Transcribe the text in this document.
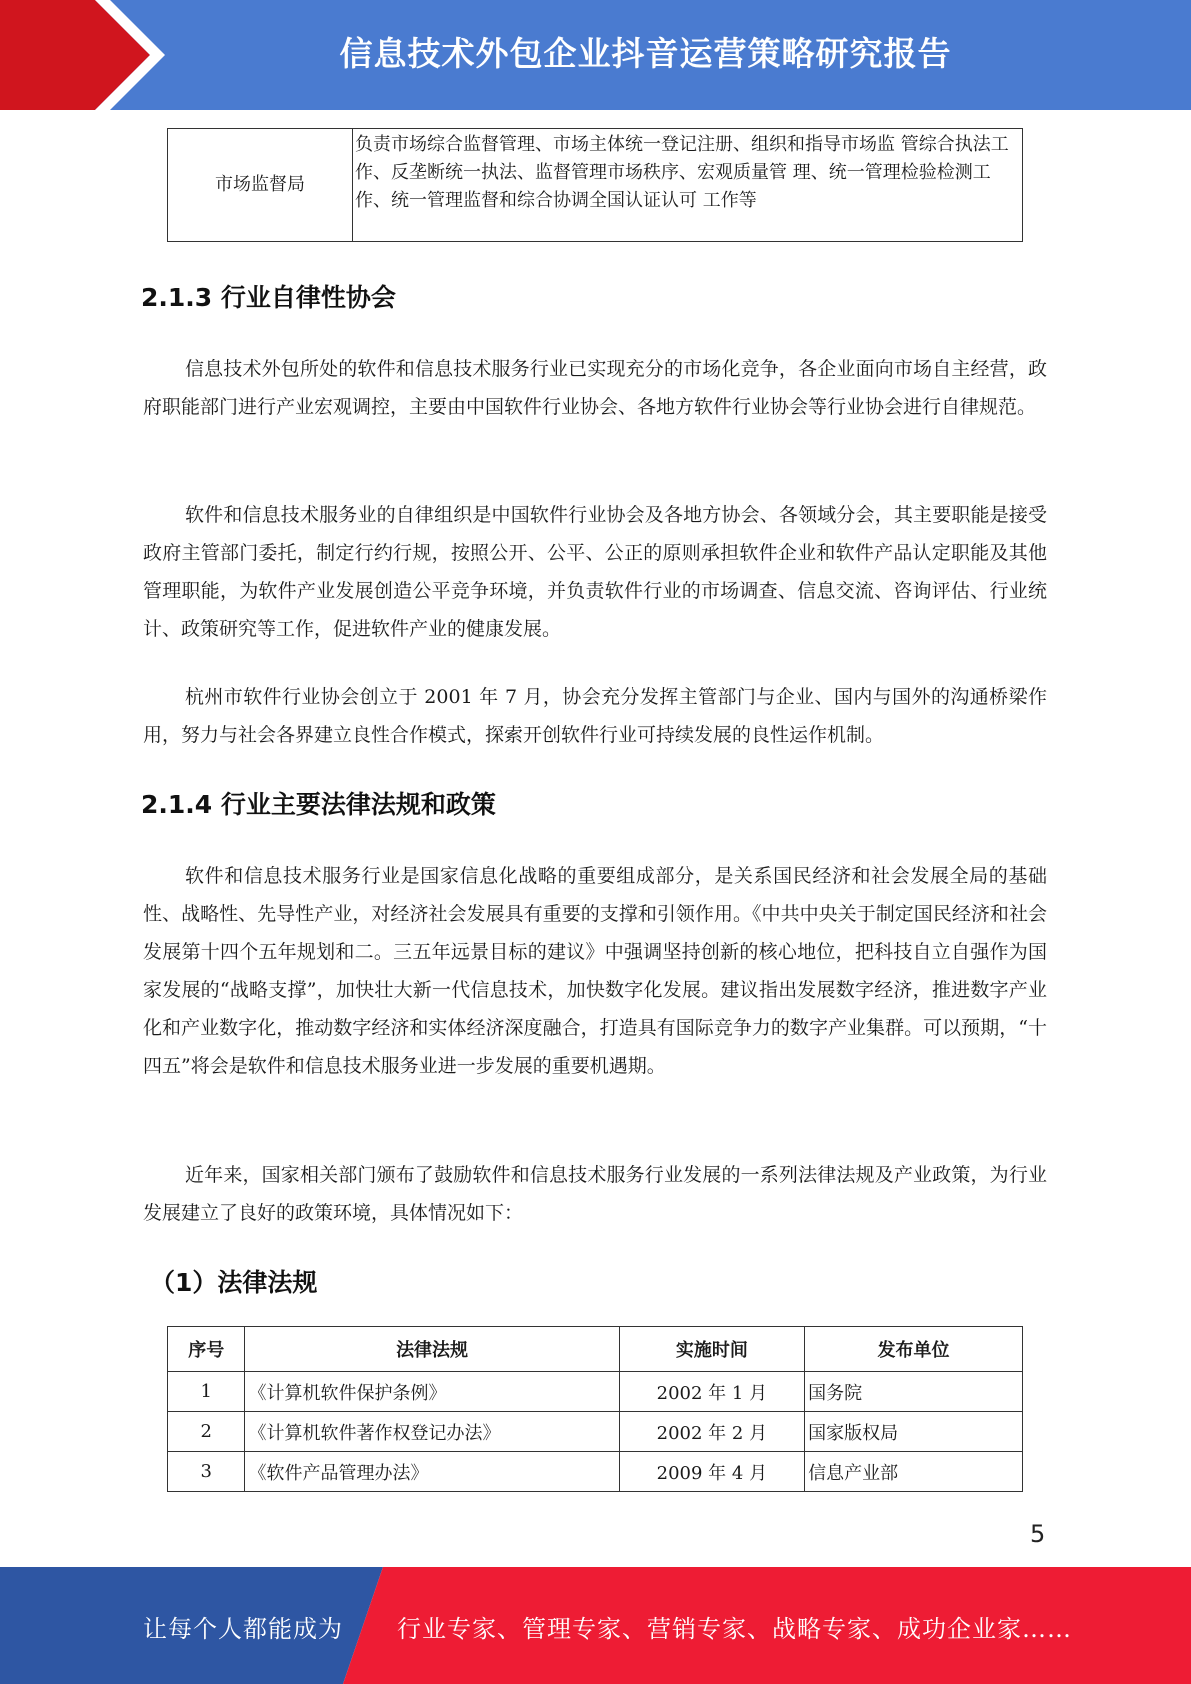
信息技术外包企业抖音运营策略研究报告
市场监督局	负责市场综合监督管理、市场主体统一登记注册、组织和指导市场监 管综合执法工作、反垄断统一执法、监督管理市场秩序、宏观质量管 理、统一管理检验检测工作、统一管理监督和综合协调全国认证认可 工作等
2.1.3 行业自律性协会

信息技术外包所处的软件和信息技术服务行业已实现充分的市场化竞争，各企业面向市场自主经营，政府职能部门进行产业宏观调控，主要由中国软件行业协会、各地方软件行业协会等行业协会进行自律规范。

软件和信息技术服务业的自律组织是中国软件行业协会及各地方协会、各领域分会，其主要职能是接受政府主管部门委托，制定行约行规，按照公开、公平、公正的原则承担软件企业和软件产品认定职能及其他管理职能，为软件产业发展创造公平竞争环境，并负责软件行业的市场调查、信息交流、咨询评估、行业统计、政策研究等工作，促进软件产业的健康发展。

杭州市软件行业协会创立于 2001 年 7 月，协会充分发挥主管部门与企业、国内与国外的沟通桥梁作用，努力与社会各界建立良性合作模式，探索开创软件行业可持续发展的良性运作机制。

2.1.4 行业主要法律法规和政策

软件和信息技术服务行业是国家信息化战略的重要组成部分，是关系国民经济和社会发展全局的基础性、战略性、先导性产业，对经济社会发展具有重要的支撑和引领作用。《中共中央关于制定国民经济和社会发展第十四个五年规划和二。三五年远景目标的建议》中强调坚持创新的核心地位，把科技自立自强作为国家发展的“战略支撑”，加快壮大新一代信息技术，加快数字化发展。建议指出发展数字经济，推进数字产业化和产业数字化，推动数字经济和实体经济深度融合，打造具有国际竞争力的数字产业集群。可以预期，“十四五”将会是软件和信息技术服务业进一步发展的重要机遇期。

近年来，国家相关部门颁布了鼓励软件和信息技术服务行业发展的一系列法律法规及产业政策，为行业发展建立了良好的政策环境，具体情况如下：

（1）法律法规
序号	法律法规	实施时间	发布单位
1	《计算机软件保护条例》	2002 年 1 月	国务院
2	《计算机软件著作权登记办法》	2002 年 2 月	国家版权局
3	《软件产品管理办法》	2009 年 4 月	信息产业部

5
让每个人都能成为 行业专家、管理专家、营销专家、战略专家、成功企业家……
